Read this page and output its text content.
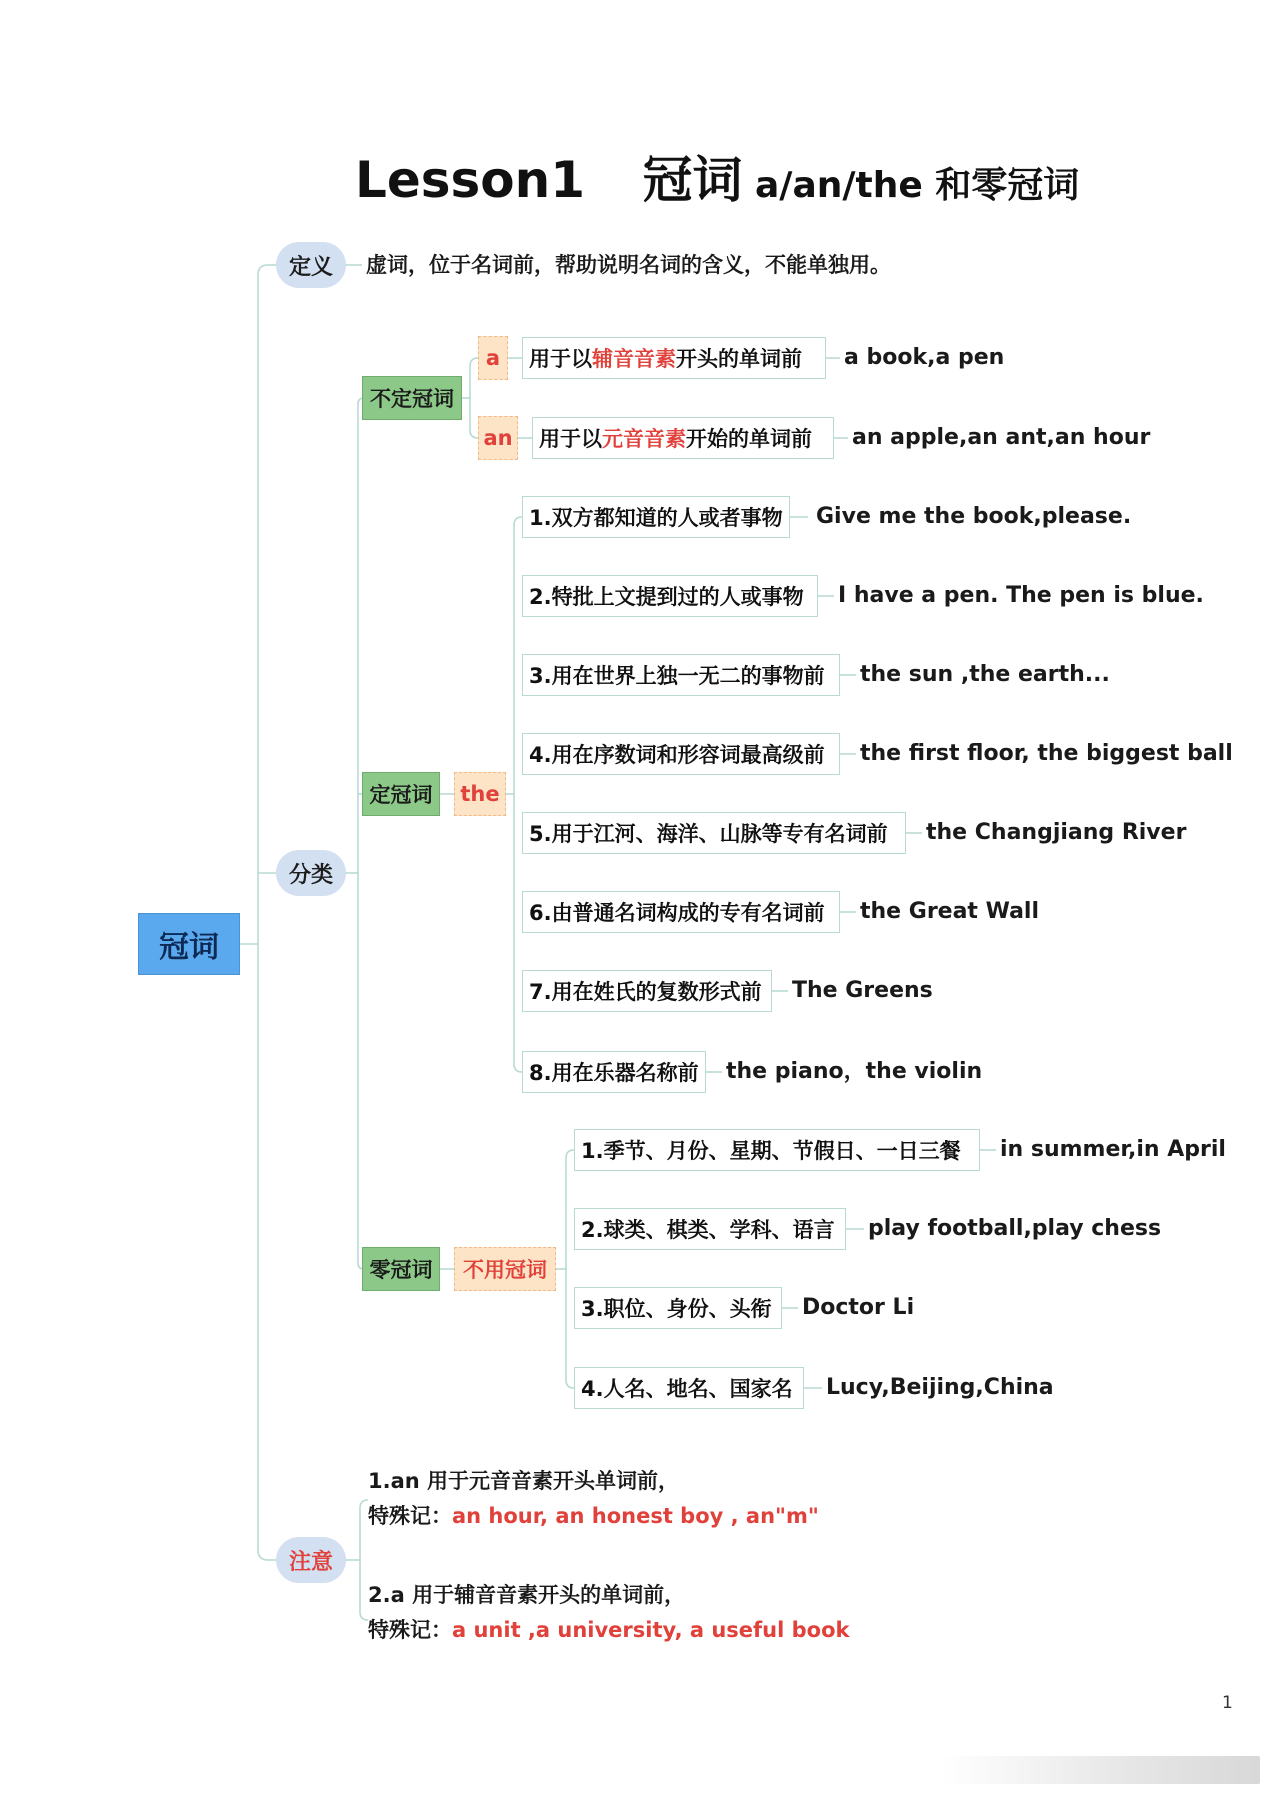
Lesson1 冠词 a/an/the 和零冠词
冠词
定义	虚词，位于名词前，帮助说明名词的含义，不能单独用。
分类
不定冠词
a	用于以 辅音音素 开头的单词前 a book,a pen
an 用于以 元音音素 开始的单词前 an apple,an ant,an hour
定冠词	the
1.双方都知道的人或者事物	Give me the book,please.
2.特批上文提到过的人或事物	I have a pen. The pen is blue.
3.用在世界上独一无二的事物前	the sun ,the earth...
4.用在序数词和形容词最高级前	the first floor, the biggest ball
5.用于江河、海洋、山脉等专有名词前	the Changjiang River
6.由普通名词构成的专有名词前	the Great Wall
7.用在姓氏的复数形式前	The Greens
8.用在乐器名称前	the piano，the violin
零冠词	不用冠词
1.季节、月份、星期、节假日、一日三餐	in summer,in April
2.球类、棋类、学科、语言	play football,play chess
3.职位、身份、头衔	Doctor Li
4.人名、地名、国家名	Lucy,Beijing,China
注意
1.an 用于元音音素开头单词前，
特殊记：an hour, an honest boy , an"m"
2.a 用于辅音音素开头的单词前，
特殊记：a unit ,a university, a useful book
1
